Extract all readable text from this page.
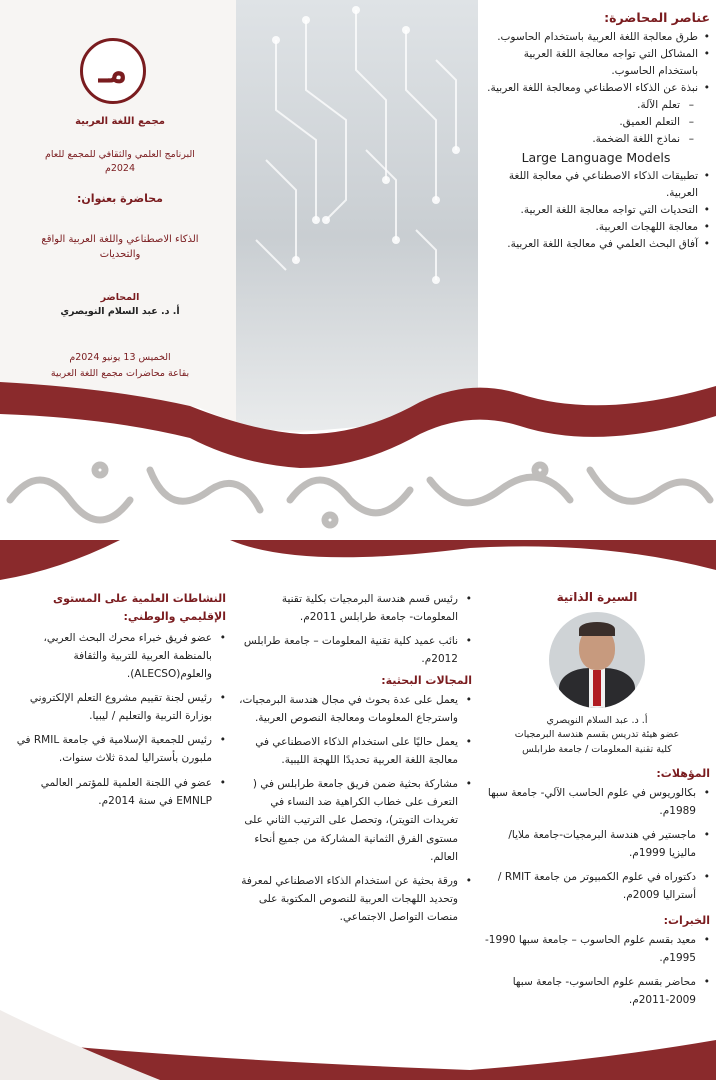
مـ
مجمع اللغة العربية
البرنامج العلمي والثقافي للمجمع للعام 2024م
محاضرة بعنوان:
الذكاء الاصطناعي واللغة العربية الواقع والتحديات
المحاضر
أ. د. عبد السلام النويصري
الخميس 13 يونيو 2024م
بقاعة محاضرات مجمع اللغة العربية
عناصر المحاضرة:
• طرق معالجة اللغة العربية باستخدام الحاسوب.
• المشاكل التي تواجه معالجة اللغة العربية باستخدام الحاسوب.
• نبذة عن الذكاء الاصطناعي ومعالجة اللغة العربية.
– تعلم الآلة.
– التعلم العميق.
– نماذج اللغة الضخمة.
Large Language Models
• تطبيقات الذكاء الاصطناعي في معالجة اللغة العربية.
• التحديات التي تواجه معالجة اللغة العربية.
• معالجة اللهجات العربية.
• آفاق البحث العلمي في معالجة اللغة العربية.
السيرة الذاتية
أ. د. عبد السلام النويصري
عضو هيئة تدريس بقسم هندسة البرمجيات
كلية تقنية المعلومات / جامعة طرابلس
المؤهلات:
• بكالوريوس في علوم الحاسب الآلي- جامعة سبها 1989م.
• ماجستير في هندسة البرمجيات-جامعة ملايا/ماليزيا 1999م.
• دكتوراه في علوم الكمبيوتر من جامعة RMIT /أستراليا 2009م.
الخبرات:
• معيد بقسم علوم الحاسوب – جامعة سبها 1990-1995م.
• محاضر بقسم علوم الحاسوب- جامعة سبها 2009-2011م.
• رئيس قسم هندسة البرمجيات بكلية تقنية المعلومات- جامعة طرابلس 2011م.
• نائب عميد كلية تقنية المعلومات – جامعة طرابلس 2012م.
المجالات البحثية:
• يعمل على عدة بحوث في مجال هندسة البرمجيات، واسترجاع المعلومات ومعالجة النصوص العربية.
• يعمل حاليًا على استخدام الذكاء الاصطناعي في معالجة اللغة العربية تحديدًا اللهجة الليبية.
• مشاركة بحثية ضمن فريق جامعة طرابلس في ( التعرف على خطاب الكراهية ضد النساء في تغريدات التويتر)، وتحصل على الترتيب الثاني على مستوى الفرق الثمانية المشاركة من جميع أنحاء العالم.
• ورقة بحثية عن استخدام الذكاء الاصطناعي لمعرفة وتحديد اللهجات العربية للنصوص المكتوبة على منصات التواصل الاجتماعي.
النشاطات العلمية على المستوى الإقليمي والوطني:
• عضو فريق خبراء محرك البحث العربي، بالمنظمة العربية للتربية والثقافة والعلوم(ALECSO).
• رئيس لجنة تقييم مشروع التعلم الإلكتروني بوزارة التربية والتعليم / ليبيا.
• رئيس للجمعية الإسلامية في جامعة RMIL في ملبورن بأستراليا لمدة ثلاث سنوات.
• عضو في اللجنة العلمية للمؤتمر العالمي EMNLP في سنة 2014م.
